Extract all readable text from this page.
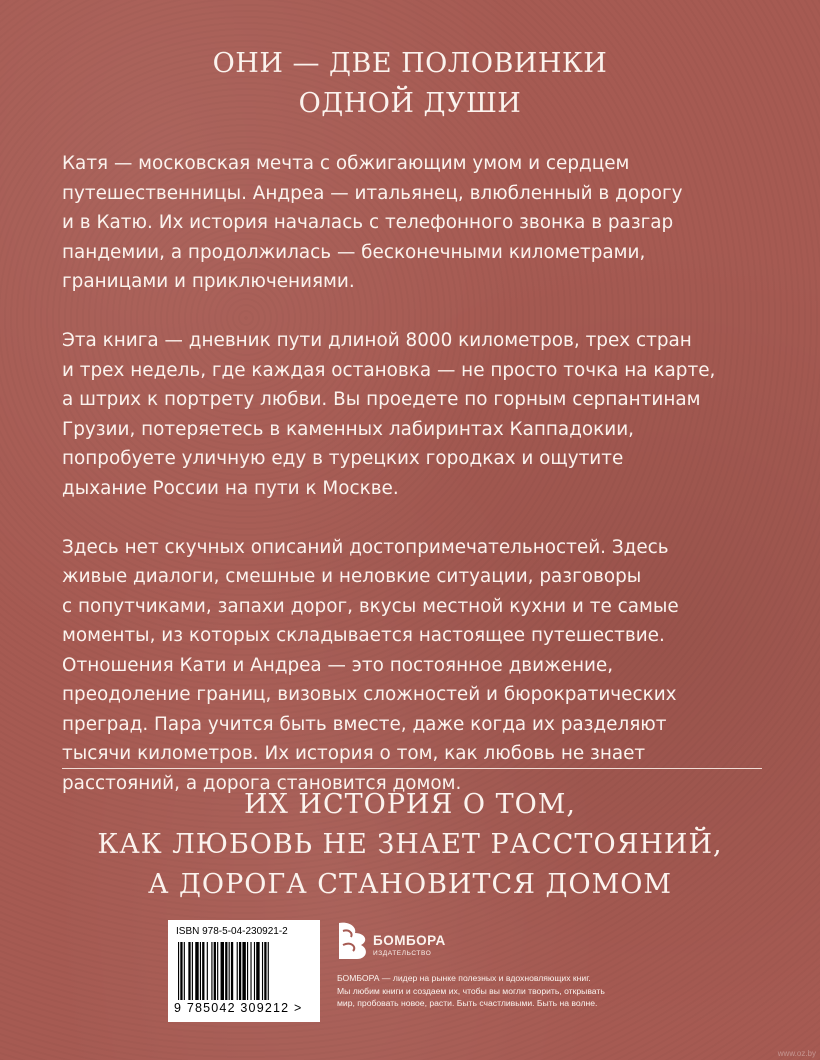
ОНИ — ДВЕ ПОЛОВИНКИ
ОДНОЙ ДУШИ
Катя — московская мечта с обжигающим умом и сердцем
путешественницы. Андреа — итальянец, влюбленный в дорогу
и в Катю. Их история началась с телефонного звонка в разгар
пандемии, а продолжилась — бесконечными километрами,
границами и приключениями.
Эта книга — дневник пути длиной 8000 километров, трех стран
и трех недель, где каждая остановка — не просто точка на карте,
а штрих к портрету любви. Вы проедете по горным серпантинам
Грузии, потеряетесь в каменных лабиринтах Каппадокии,
попробуете уличную еду в турецких городках и ощутите
дыхание России на пути к Москве.
Здесь нет скучных описаний достопримечательностей. Здесь
живые диалоги, смешные и неловкие ситуации, разговоры
с попутчиками, запахи дорог, вкусы местной кухни и те самые
моменты, из которых складывается настоящее путешествие.
Отношения Кати и Андреа — это постоянное движение,
преодоление границ, визовых сложностей и бюрократических
преград. Пара учится быть вместе, даже когда их разделяют
тысячи километров. Их история о том, как любовь не знает
расстояний, а дорога становится домом.
ИХ ИСТОРИЯ О ТОМ,
КАК ЛЮБОВЬ НЕ ЗНАЕТ РАССТОЯНИЙ,
А ДОРОГА СТАНОВИТСЯ ДОМОМ
ISBN 978-5-04-230921-2
9 785042 309212 >
БОМБОРА
ИЗДАТЕЛЬСТВО
БОМБОРА — лидер на рынке полезных и вдохновляющих книг.
Мы любим книги и создаем их, чтобы вы могли творить, открывать
мир, пробовать новое, расти. Быть счастливыми. Быть на волне.
www.oz.by
